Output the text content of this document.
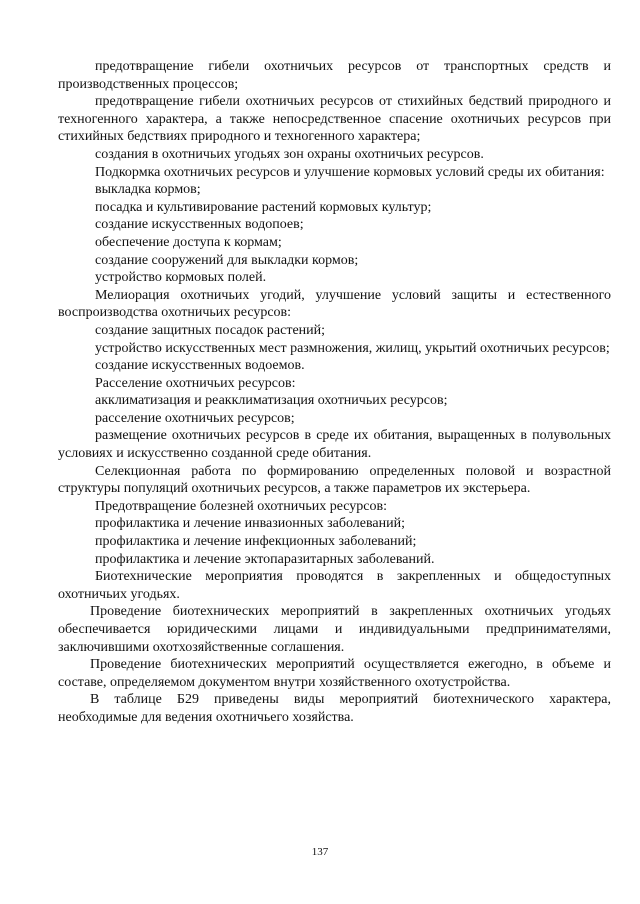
предотвращение гибели охотничьих ресурсов от транспортных средств и производственных процессов;

предотвращение гибели охотничьих ресурсов от стихийных бедствий природного и техногенного характера, а также непосредственное спасение охотничьих ресурсов при стихийных бедствиях природного и техногенного характера;

создания в охотничьих угодьях зон охраны охотничьих ресурсов.

Подкормка охотничьих ресурсов и улучшение кормовых условий среды их обитания:

выкладка кормов;

посадка и культивирование растений кормовых культур;

создание искусственных водопоев;

обеспечение доступа к кормам;

создание сооружений для выкладки кормов;

устройство кормовых полей.

Мелиорация охотничьих угодий, улучшение условий защиты и естественного воспроизводства охотничьих ресурсов:

создание защитных посадок растений;

устройство искусственных мест размножения, жилищ, укрытий охотничьих ресурсов;

создание искусственных водоемов.

Расселение охотничьих ресурсов:

акклиматизация и реакклиматизация охотничьих ресурсов;

расселение охотничьих ресурсов;

размещение охотничьих ресурсов в среде их обитания, выращенных в полувольных условиях и искусственно созданной среде обитания.

Селекционная работа по формированию определенных половой и возрастной структуры популяций охотничьих ресурсов, а также параметров их экстерьера.

Предотвращение болезней охотничьих ресурсов:

профилактика и лечение инвазионных заболеваний;

профилактика и лечение инфекционных заболеваний;

профилактика и лечение эктопаразитарных заболеваний.

Биотехнические мероприятия проводятся в закрепленных и общедоступных охотничьих угодьях.

Проведение биотехнических мероприятий в закрепленных охотничьих угодьях обеспечивается юридическими лицами и индивидуальными предпринимателями, заключившими охотхозяйственные соглашения.

Проведение биотехнических мероприятий осуществляется ежегодно, в объеме и составе, определяемом документом внутри хозяйственного охотустройства.

В таблице Б29 приведены виды мероприятий биотехнического характера, необходимые для ведения охотничьего хозяйства.

137
